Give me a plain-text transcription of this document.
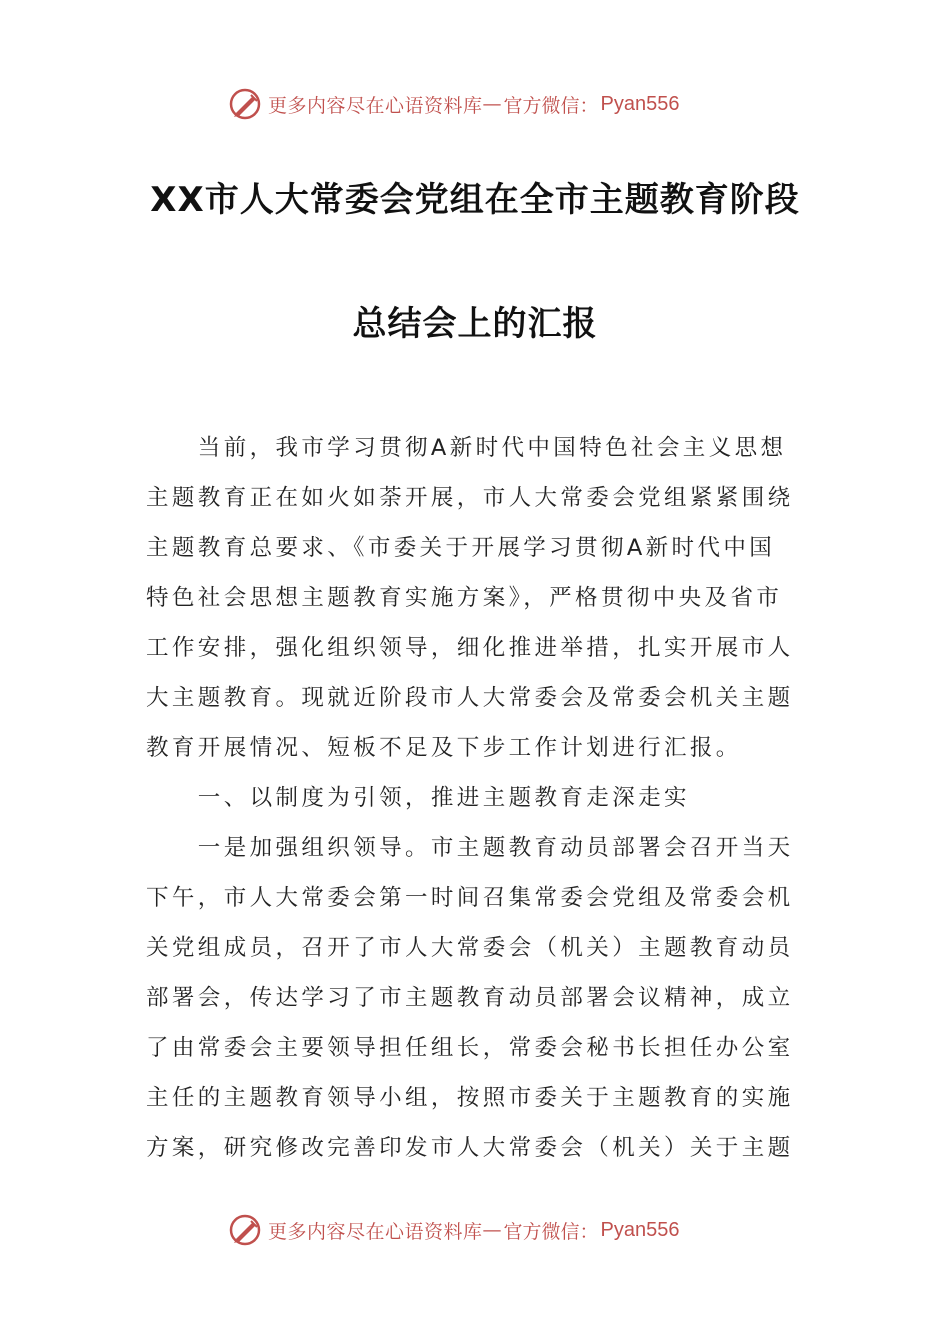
更多内容尽在心语资料库 — 官方微信： Pyan556
XX市人大常委会党组在全市主题教育阶段
总结会上的汇报
　　当前，我市学习贯彻A新时代中国特色社会主义思想
主题教育正在如火如荼开展，市人大常委会党组紧紧围绕
主题教育总要求、《市委关于开展学习贯彻A新时代中国
特色社会思想主题教育实施方案》，严格贯彻中央及省市
工作安排，强化组织领导，细化推进举措，扎实开展市人
大主题教育。现就近阶段市人大常委会及常委会机关主题
教育开展情况、短板不足及下步工作计划进行汇报。
　　一、以制度为引领，推进主题教育走深走实
　　一是加强组织领导。市主题教育动员部署会召开当天
下午，市人大常委会第一时间召集常委会党组及常委会机
关党组成员，召开了市人大常委会（机关）主题教育动员
部署会，传达学习了市主题教育动员部署会议精神，成立
了由常委会主要领导担任组长，常委会秘书长担任办公室
主任的主题教育领导小组，按照市委关于主题教育的实施
方案，研究修改完善印发市人大常委会（机关）关于主题
更多内容尽在心语资料库 — 官方微信： Pyan556
